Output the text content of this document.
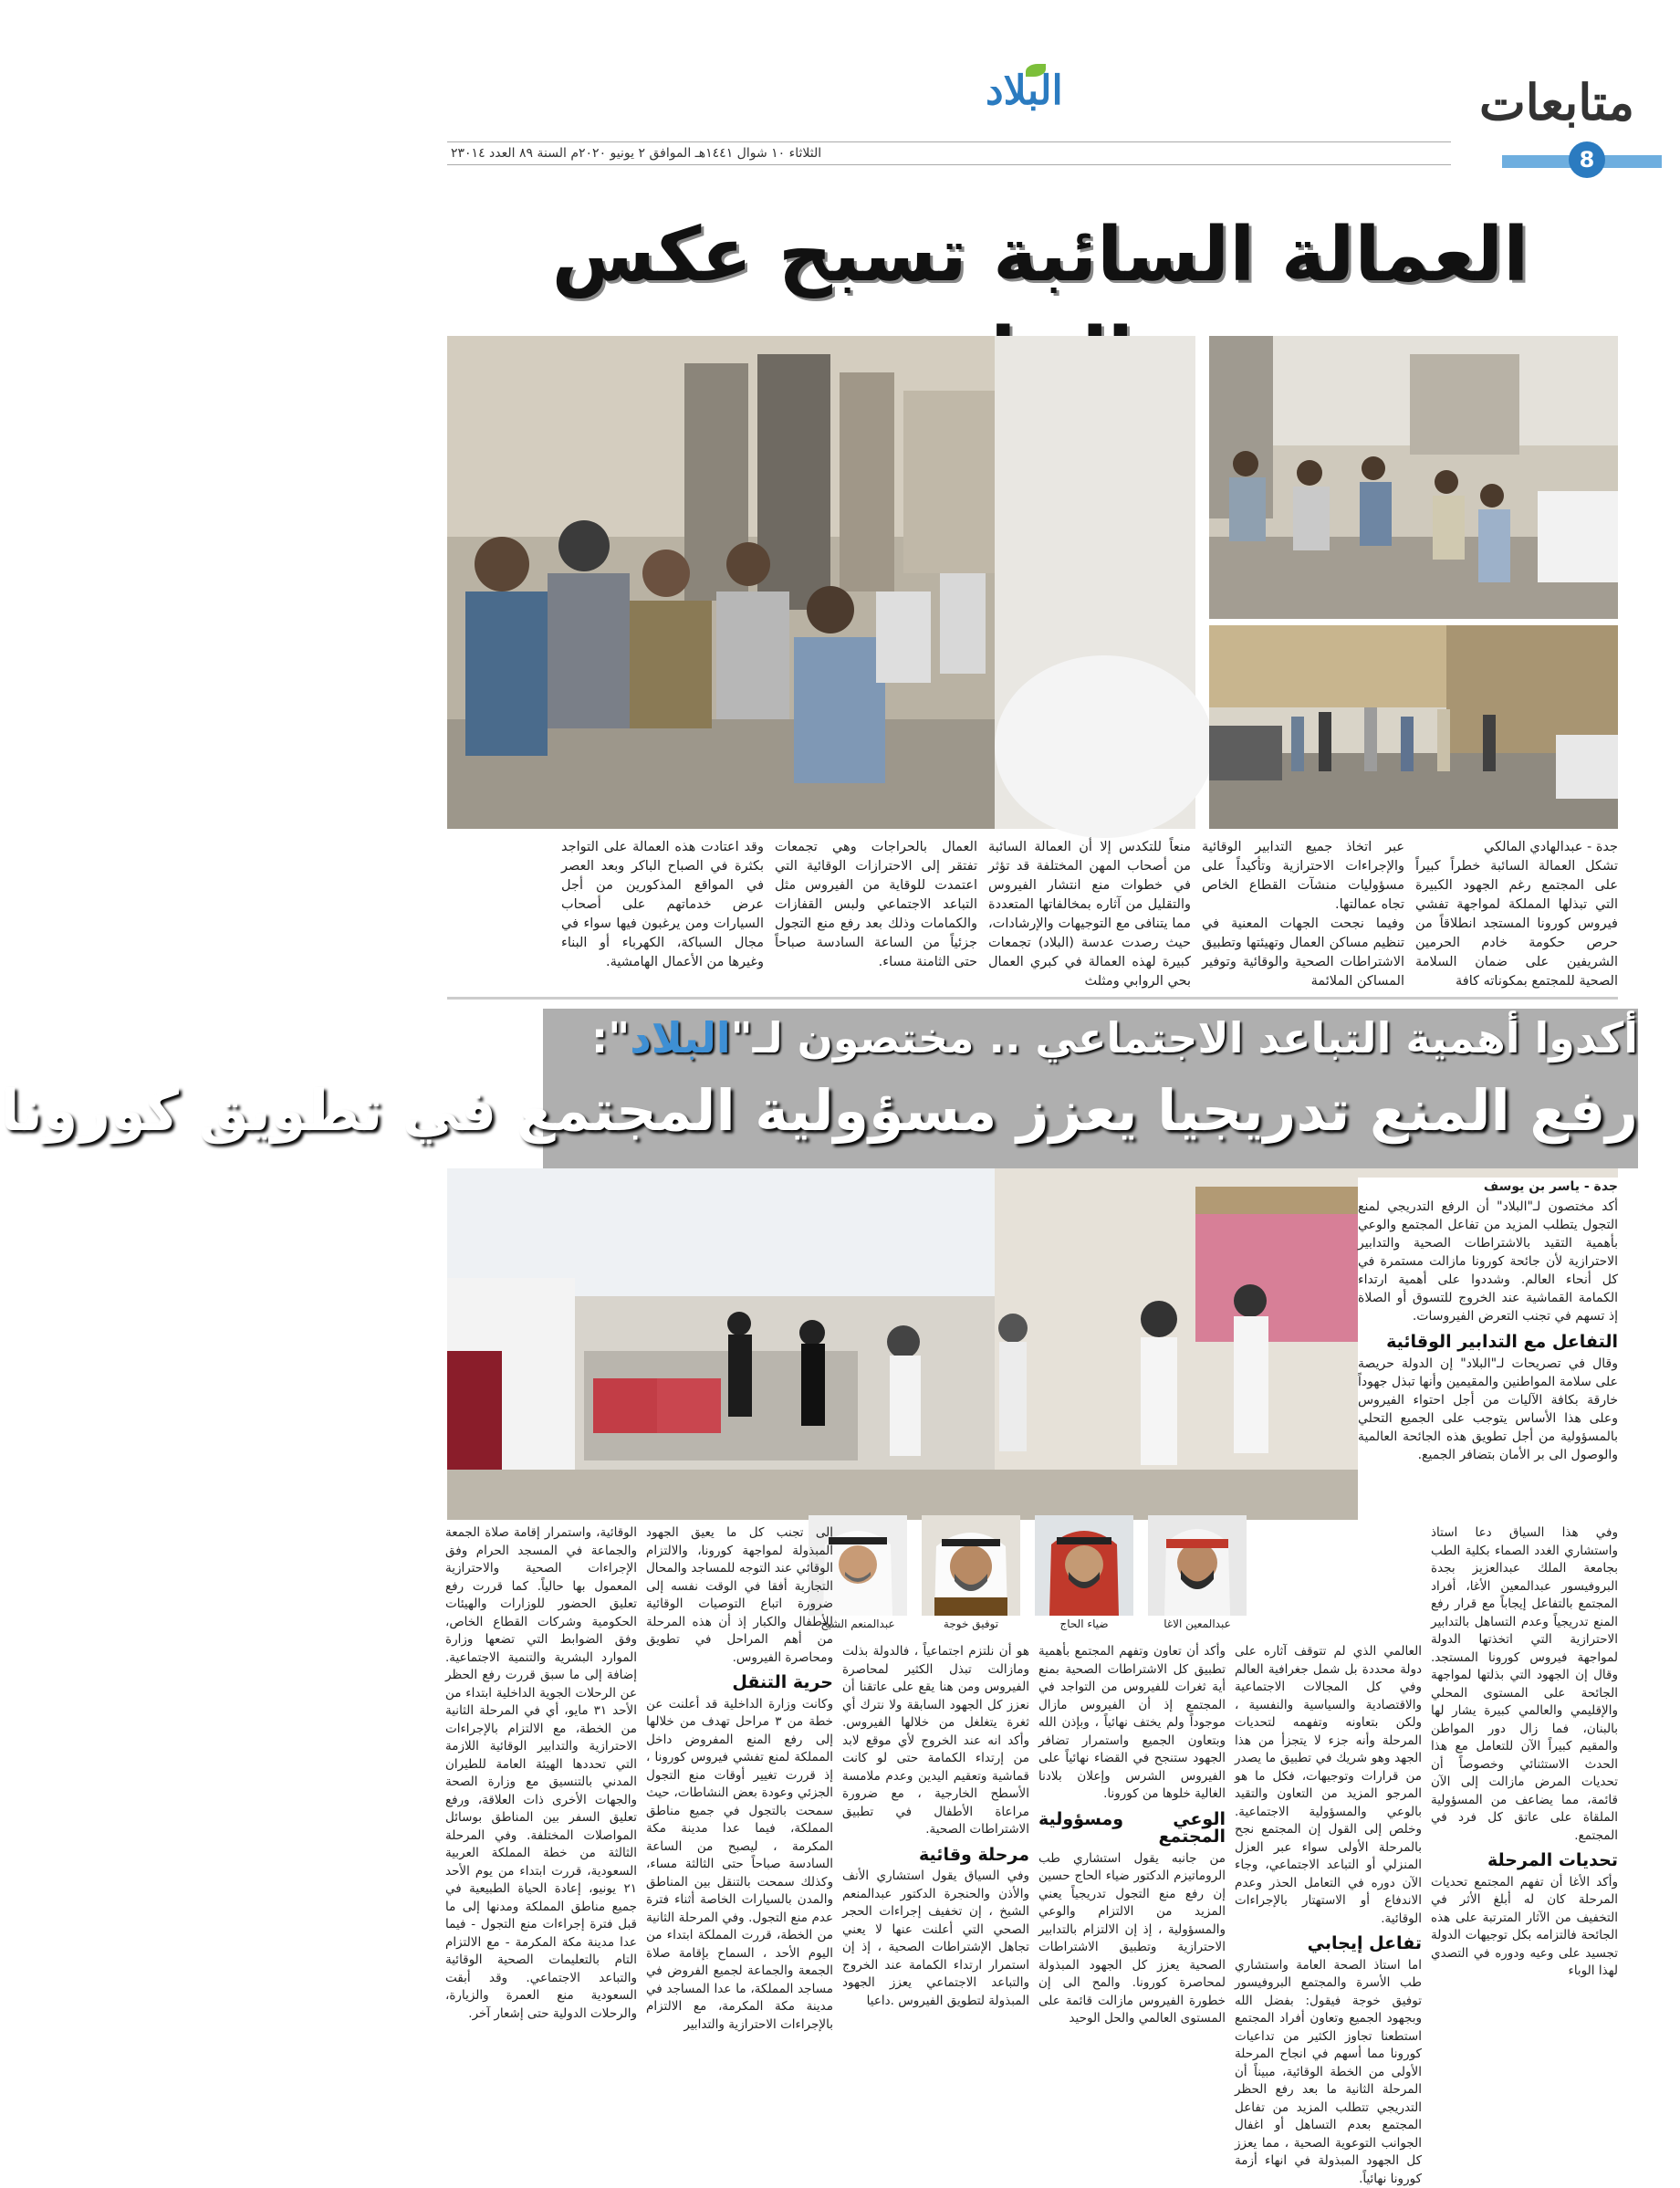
متابعات
8
البلاد
الثلاثاء ١٠ شوال ١٤٤١هـ الموافق ٢ يونيو ٢٠٢٠م السنة ٨٩ العدد ٢٣٠١٤
العمالة السائبة تسبح عكس

جدة - عبدالهادي المالكي
تشكل العمالة السائبة خطراً كبيراً على المجتمع رغم الجهود الكبيرة التي تبذلها المملكة لمواجهة تفشي فيروس كورونا المستجد انطلاقاً من حرص حكومة خادم الحرمين الشريفين على ضمان السلامة الصحية للمجتمع بمكوناته كافة

عبر اتخاذ جميع التدابير الوقائية والإجراءات الاحترازية وتأكيداً على مسؤوليات منشآت القطاع الخاص تجاه عمالتها.
وفيما نجحت الجهات المعنية في تنظيم مساكن العمال وتهيئتها وتطبيق الاشتراطات الصحية والوقائية وتوفير المساكن الملائمة

منعاً للتكدس إلا أن العمالة السائبة من أصحاب المهن المختلفة قد تؤثر في خطوات منع انتشار الفيروس والتقليل من آثاره بمخالفاتها المتعددة مما يتنافى مع التوجيهات والإرشادات، حيث رصدت عدسة (البلاد) تجمعات كبيرة لهذه العمالة في كبري العمال بحي الروابي ومثلث

العمال بالحراجات وهي تجمعات تفتقر إلى الاحترازات الوقائية التي اعتمدت للوقاية من الفيروس مثل التباعد الاجتماعي ولبس القفازات والكمامات وذلك بعد رفع منع التجول جزئياً من الساعة السادسة صباحاً حتى الثامنة مساء.

وقد اعتادت هذه العمالة على التواجد بكثرة في الصباح الباكر وبعد العصر في المواقع المذكورين من أجل عرض خدماتهم على أصحاب السيارات ومن يرغبون فيها سواء في مجال السباكة، الكهرباء أو البناء وغيرها من الأعمال الهامشية.

أكدوا أهمية التباعد الاجتماعي .. مختصون لـ"البلاد":
رفع المنع تدريجيا يعزز مسؤولية المجتمع في تطويق كورونا

جدة - ياسر بن يوسف

أكد مختصون لـ"البلاد" أن الرفع التدريجي لمنع التجول يتطلب المزيد من تفاعل المجتمع والوعي بأهمية التقيد بالاشتراطات الصحية والتدابير الاحترازية لأن جائحة كورونا مازالت مستمرة في كل أنحاء العالم. وشددوا على أهمية ارتداء الكمامة القماشية عند الخروج للتسوق أو الصلاة إذ تسهم في تجنب التعرض الفيروسات.

التفاعل مع التدابير الوقائية

وقال في تصريحات لـ"البلاد" إن الدولة حريصة على سلامة المواطنين والمقيمين وأنها تبذل جهوداً خارقة بكافة الآليات من أجل احتواء الفيروس وعلى هذا الأساس يتوجب على الجميع التحلي بالمسؤولية من أجل تطويق هذه الجائحة العالمية والوصول الى بر الأمان بتضافر الجميع.

عبدالمعين الاغا
ضياء الحاج
توفيق خوجة
عبدالمنعم الشيخ

وفي هذا السياق دعا استاذ واستشاري الغدد الصماء بكلية الطب بجامعة الملك عبدالعزيز بجدة البروفيسور عبدالمعين الأغا، أفراد المجتمع بالتفاعل إيجاباً مع قرار رفع المنع تدريجياً وعدم التساهل بالتدابير الاحترازية التي اتخذتها الدولة لمواجهة فيروس كورونا المستجد. وقال إن الجهود التي بذلتها لمواجهة الجائحة على المستوى المحلي والإقليمي والعالمي كبيرة يشار لها بالبنان، فما زال دور المواطن والمقيم كبيراً الآن للتعامل مع هذا الحدث الاستثنائي وخصوصاً أن تحديات المرض مازالت إلى الآن قائمة، مما يضاعف من المسؤولية الملقاة على عاتق كل فرد في المجتمع.

تحديات المرحلة

وأكد الأغا أن تفهم المجتمع تحديات المرحلة كان له أبلغ الأثر في التخفيف من الآثار المترتبة على هذه الجائحة فالتزامه بكل توجيهات الدولة تجسيد على وعيه ودوره في التصدي لهذا الوباء

العالمي الذي لم تتوقف آثاره على دولة محددة بل شمل جغرافية العالم وفي كل المجالات الاجتماعية والاقتصادية والسياسية والنفسية ، ولكن بتعاونه وتفهمه لتحديات المرحلة وأنه جزء لا يتجزأ من هذا الجهد وهو شريك في تطبيق ما يصدر من قرارات وتوجيهات، فكل ما هو المرجو المزيد من التعاون والتقيد بالوعي والمسؤولية الاجتماعية. وخلص إلى القول إن المجتمع نجح بالمرحلة الأولى سواء عبر العزل المنزلي أو التباعد الاجتماعي، وجاء الآن دوره في التعامل الحذر وعدم الاندفاع أو الاستهتار بالإجراءات الوقائية.

تفاعل إيجابي

اما استاذ الصحة العامة واستشاري طب الأسرة والمجتمع البروفيسور توفيق خوجة فيقول: بفضل الله وبجهود الجميع وتعاون أفراد المجتمع استطعنا تجاوز الكثير من تداعيات كورونا مما أسهم في انجاح المرحلة الأولى من الخطة الوقائية، مبيناً أن المرحلة الثانية ما بعد رفع الحظر التدريجي تتطلب المزيد من تفاعل المجتمع بعدم التساهل أو اغفال الجوانب التوعوية الصحية ، مما يعزز كل الجهود المبذولة في انهاء أزمة كورونا نهائياً.

وأكد أن تعاون وتفهم المجتمع بأهمية تطبيق كل الاشتراطات الصحية بمنع أية ثغرات للفيروس من التواجد في المجتمع إذ أن الفيروس مازال موجوداً ولم يختف نهائياً ، وبإذن الله وبتعاون الجميع واستمرار تضافر الجهود ستنجح في القضاء نهائياً على الفيروس الشرس وإعلان بلادنا الغالية خلوها من كورونا.

الوعي ومسؤولية المجتمع

من جانبه يقول استشاري طب الروماتيزم الدكتور ضياء الحاج حسين إن رفع منع التجول تدريجياً يعني المزيد من الالتزام والوعي والمسؤولية ، إذ إن الالتزام بالتدابير الاحترازية وتطبيق الاشتراطات الصحية يعزز كل الجهود المبذولة لمحاصرة كورونا. والمح الى إن خطورة الفيروس مازالت قائمة على المستوى العالمي والحل الوحيد

هو أن نلتزم اجتماعياً ، فالدولة بذلت ومازالت تبذل الكثير لمحاصرة الفيروس ومن هنا يقع على عاتقنا أن نعزز كل الجهود السابقة ولا نترك أي ثغرة يتغلغل من خلالها الفيروس. وأكد انه عند الخروج لأي موقع لابد من إرتداء الكمامة حتى لو كانت قماشية وتعقيم اليدين وعدم ملامسة الأسطح الخارجية ، مع ضرورة مراعاة الأطفال في تطبيق الاشتراطات الصحية.

مرحلة وقائية

وفي السياق يقول استشاري الأنف والأذن والحنجرة الدكتور عبدالمنعم الشيخ ، إن تخفيف إجراءات الحجر الصحي التي أعلنت عنها لا يعني تجاهل الإشتراطات الصحية ، إذ إن استمرار ارتداء الكمامة عند الخروج والتباعد الاجتماعي يعزز الجهود المبذولة لتطويق الفيروس .داعيا

إلى تجنب كل ما يعيق الجهود المبذولة لمواجهة كورونا، والالتزام الوقائي عند التوجه للمساجد والمحال التجارية أفقا في الوقت نفسه إلى ضرورة اتباع التوصيات الوقائية للأطفال والكبار إذ أن هذه المرحلة من أهم المراحل في تطويق ومحاصرة الفيروس.

حرية التنقل

وكانت وزارة الداخلية قد أعلنت عن خطة من ٣ مراحل تهدف من خلالها إلى رفع المنع المفروض داخل المملكة لمنع تفشي فيروس كورونا ، إذ قررت تغيير أوقات منع التجول الجزئي وعودة بعض النشاطات، حيث سمحت بالتجول في جميع مناطق المملكة، فيما عدا مدينة مكة المكرمة ، ليصبح من الساعة السادسة صباحاً حتى الثالثة مساء، وكذلك سمحت بالتنقل بين المناطق والمدن بالسيارات الخاصة أثناء فترة عدم منع التجول. وفي المرحلة الثانية من الخطة، قررت المملكة ابتداء من اليوم الأحد ، السماح بإقامة صلاة الجمعة والجماعة لجميع الفروض في مساجد المملكة، ما عدا المساجد في مدينة مكة المكرمة، مع الالتزام بالإجراءات الاحترازية والتدابير

الوقائية، واستمرار إقامة صلاة الجمعة والجماعة في المسجد الحرام وفق الإجراءات الصحية والاحترازية المعمول بها حالياً. كما قررت رفع تعليق الحضور للوزارات والهيئات الحكومية وشركات القطاع الخاص، وفق الضوابط التي تضعها وزارة الموارد البشرية والتنمية الاجتماعية. إضافة إلى ما سبق قررت رفع الحظر عن الرحلات الجوية الداخلية ابتداء من الأحد ٣١ مايو، أي في المرحلة الثانية من الخطة، مع الالتزام بالإجراءات الاحترازية والتدابير الوقائية اللازمة التي تحددها الهيئة العامة للطيران المدني بالتنسيق مع وزارة الصحة والجهات الأخرى ذات العلاقة، ورفع تعليق السفر بين المناطق بوسائل المواصلات المختلفة. وفي المرحلة الثالثة من خطة المملكة العربية السعودية، قررت ابتداء من يوم الأحد ٢١ يونيو، إعادة الحياة الطبيعية في جميع مناطق المملكة ومدنها إلى ما قبل فترة إجراءات منع التجول - فيما عدا مدينة مكة المكرمة - مع الالتزام التام بالتعليمات الصحية الوقائية والتباعد الاجتماعي. وقد أبقت السعودية منع العمرة والزيارة، والرحلات الدولية حتى إشعار آخر.
